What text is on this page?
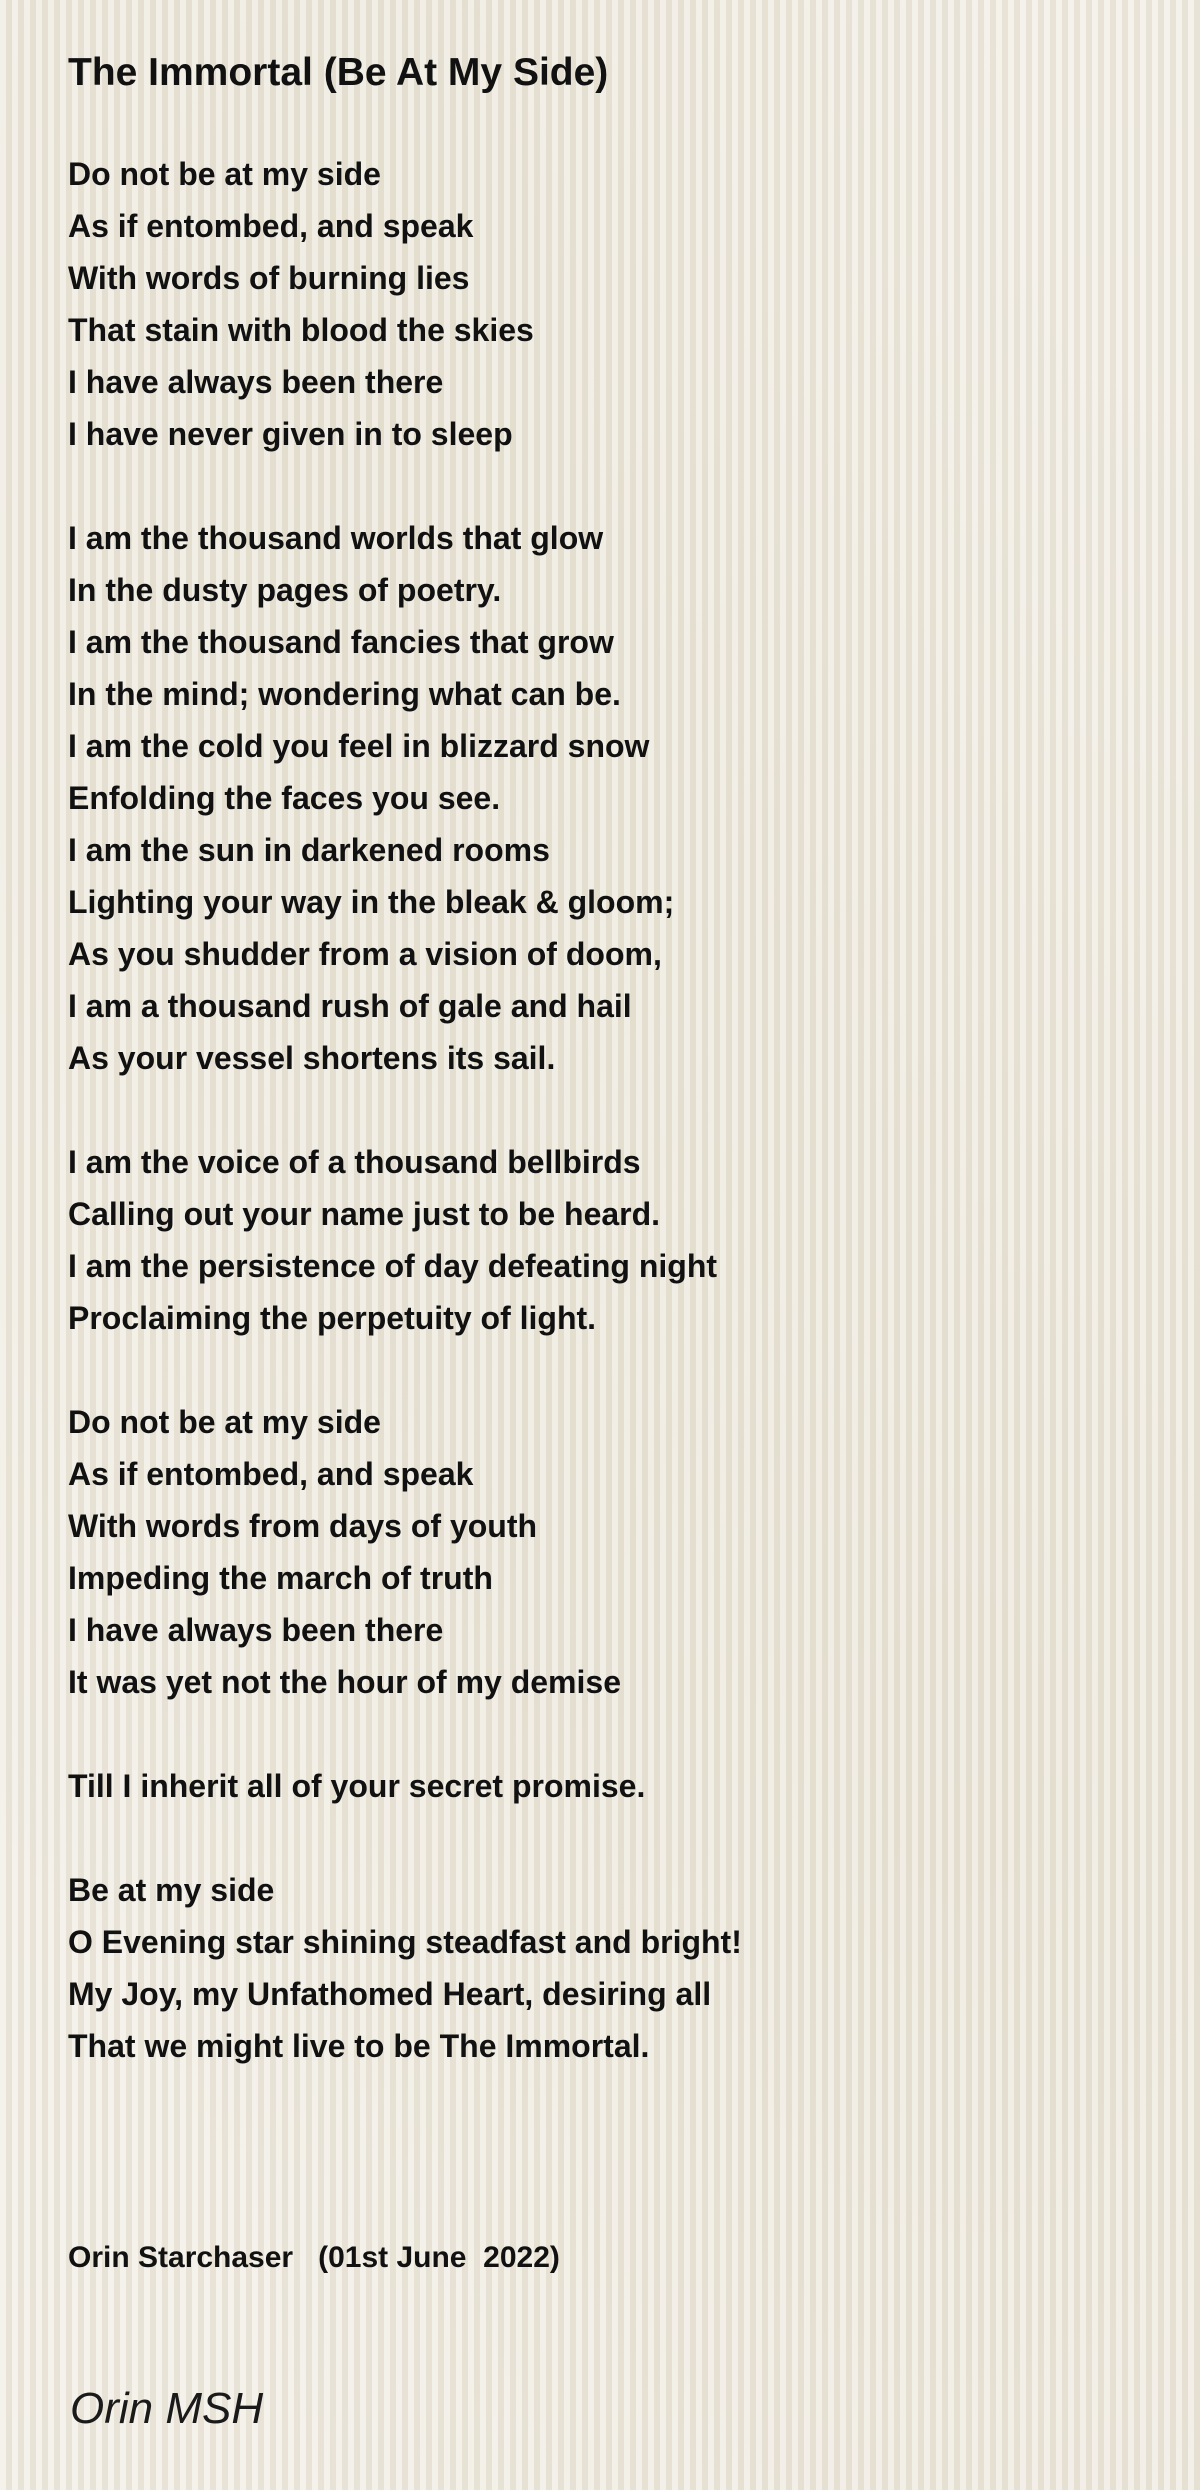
The Immortal (Be At My Side)
Do not be at my side
As if entombed, and speak
With words of burning lies
That stain with blood the skies
I have always been there
I have never given in to sleep
I am the thousand worlds that glow
In the dusty pages of poetry.
I am the thousand fancies that grow
In the mind; wondering what can be.
I am the cold you feel in blizzard snow
Enfolding the faces you see.
I am the sun in darkened rooms
Lighting your way in the bleak & gloom;
As you shudder from a vision of doom,
I am a thousand rush of gale and hail
As your vessel shortens its sail.
I am the voice of a thousand bellbirds
Calling out your name just to be heard.
I am the persistence of day defeating night
Proclaiming the perpetuity of light.
Do not be at my side
As if entombed, and speak
With words from days of youth
Impeding the march of truth
I have always been there
It was yet not the hour of my demise
Till I inherit all of your secret promise.
Be at my side
O Evening star shining steadfast and bright!
My Joy, my Unfathomed Heart, desiring all
That we might live to be The Immortal.
Orin Starchaser   (01st June  2022)
Orin MSH
